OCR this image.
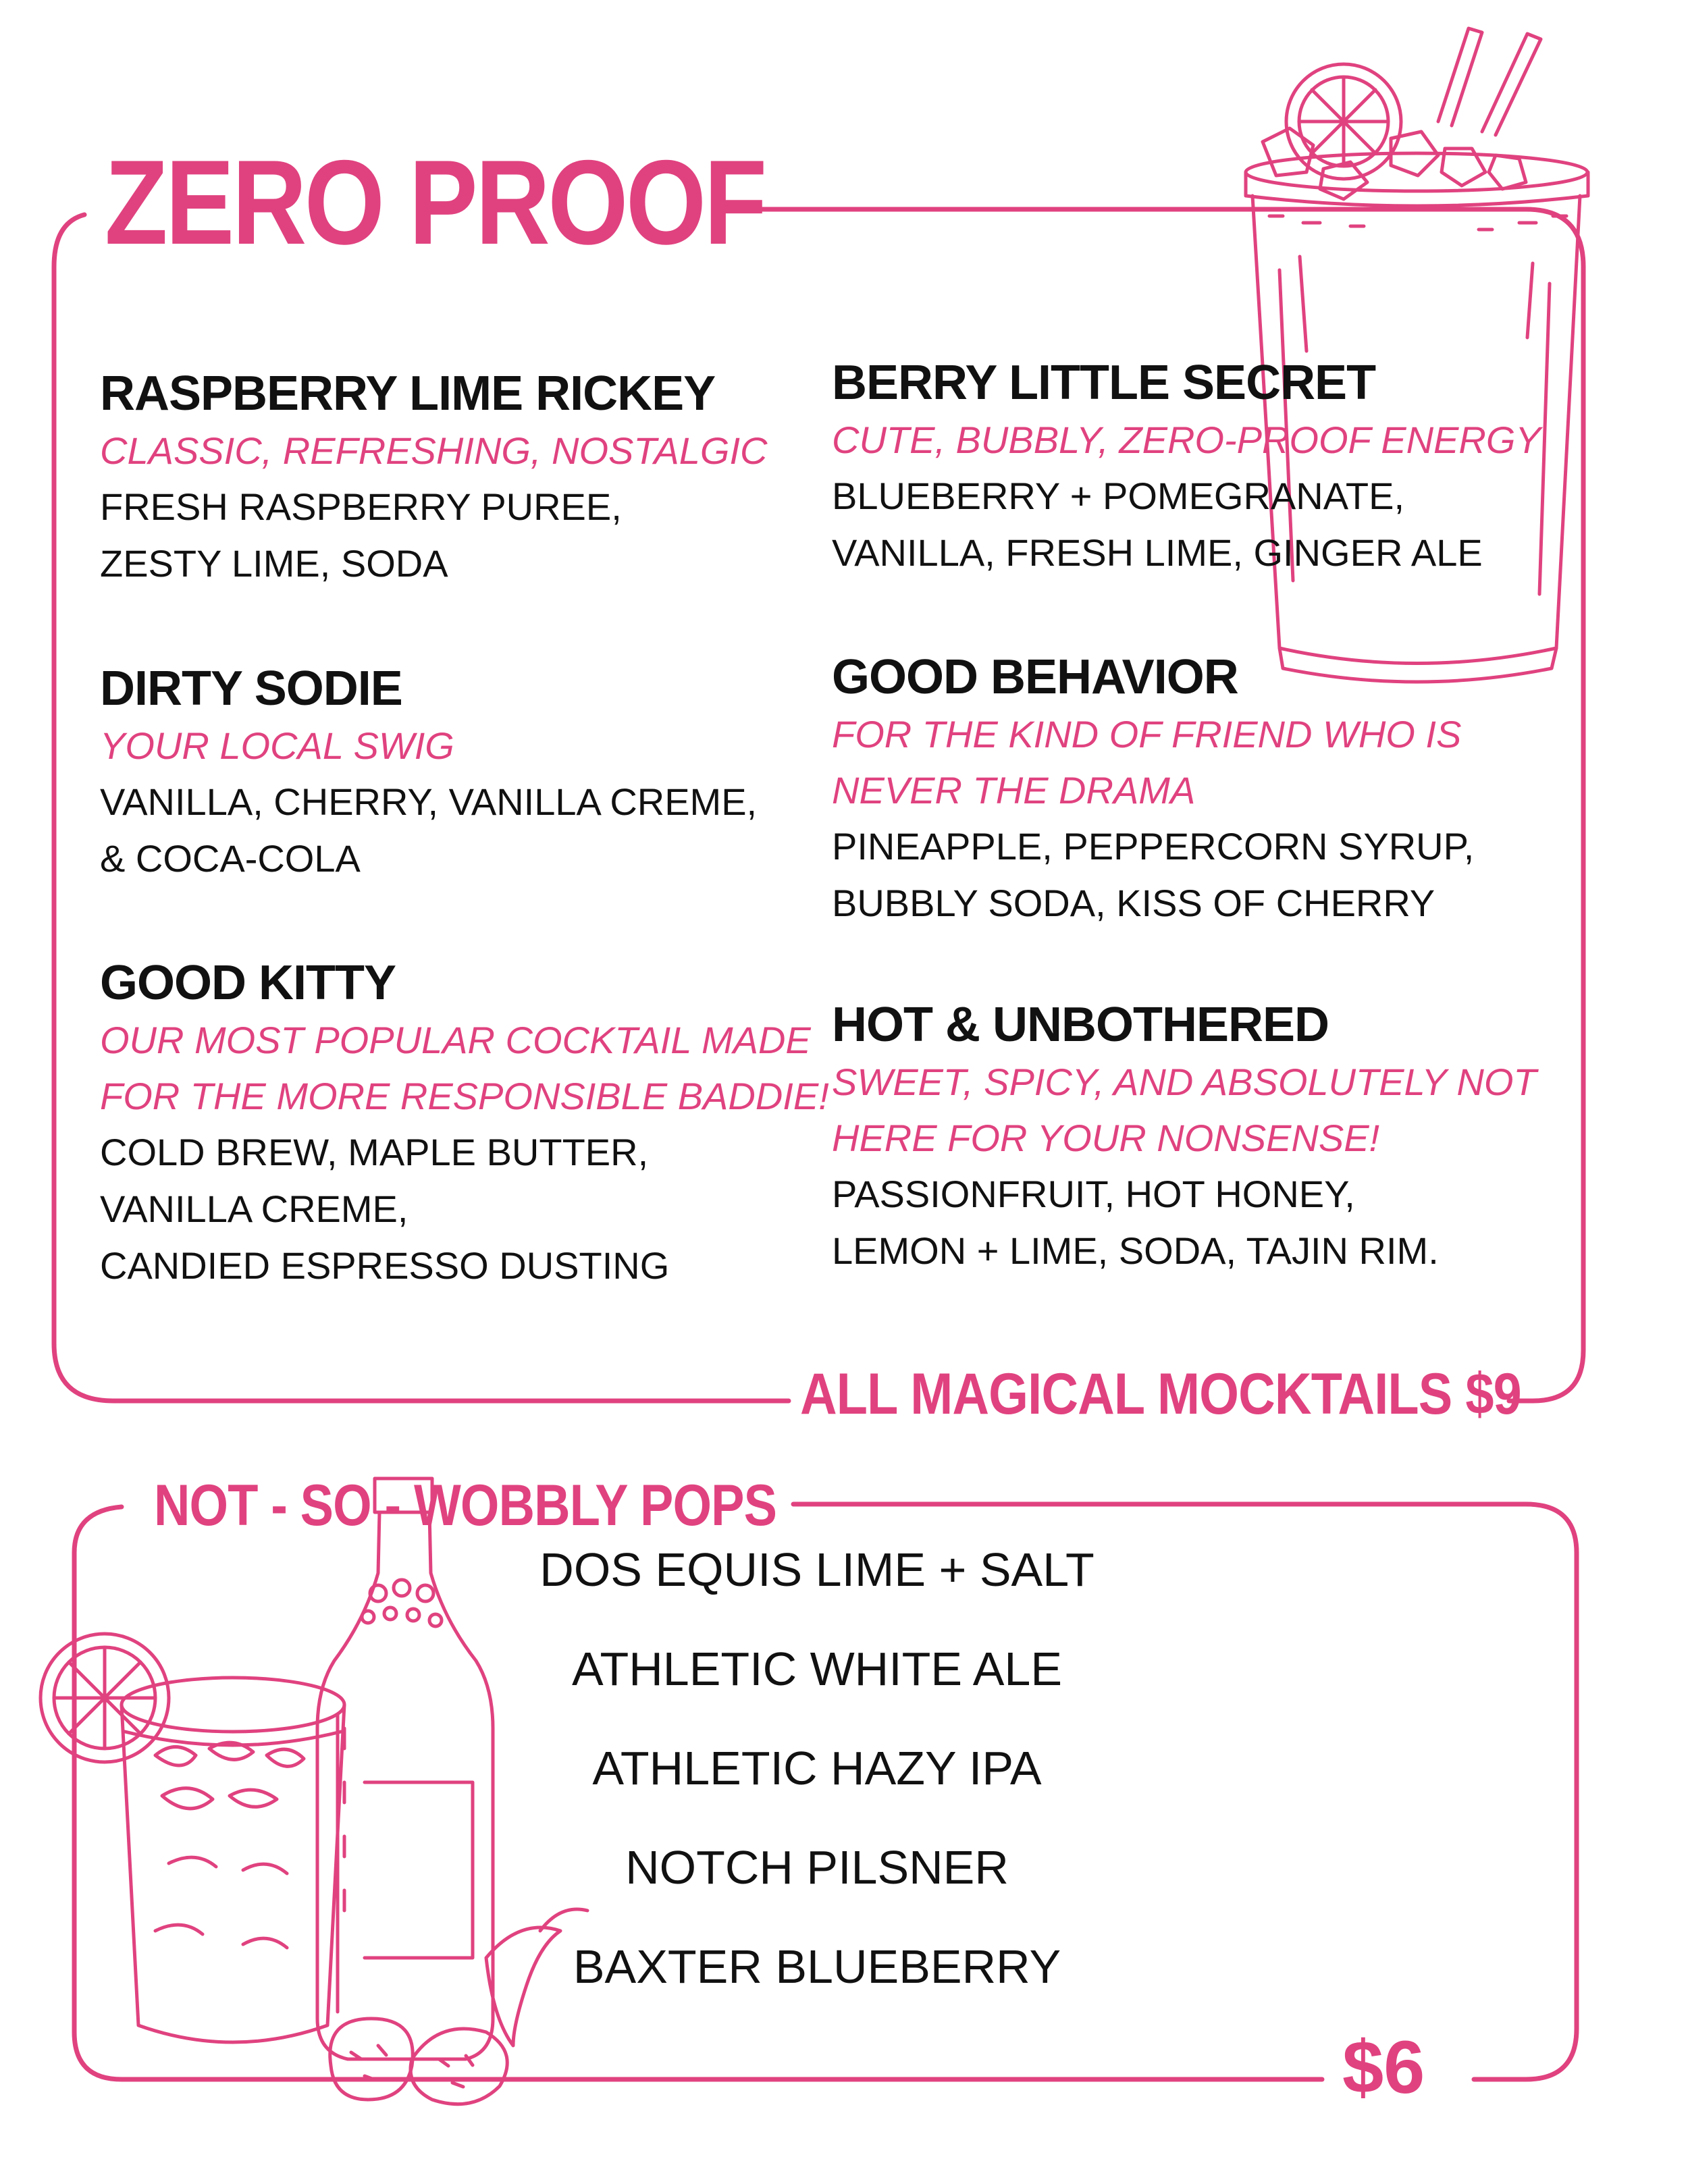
ZERO PROOF

RASPBERRY LIME RICKEY

CLASSIC, REFRESHING, NOSTALGIC

FRESH RASPBERRY PUREE,

ZESTY LIME, SODA

DIRTY SODIE

YOUR LOCAL SWIG

VANILLA, CHERRY, VANILLA CREME,

& COCA-COLA

GOOD KITTY

OUR MOST POPULAR COCKTAIL MADE

FOR THE MORE RESPONSIBLE BADDIE!

COLD BREW, MAPLE BUTTER,

VANILLA CREME,

CANDIED ESPRESSO DUSTING

BERRY LITTLE SECRET

CUTE, BUBBLY, ZERO-PROOF ENERGY

BLUEBERRY + POMEGRANATE,

VANILLA, FRESH LIME, GINGER ALE

GOOD BEHAVIOR

FOR THE KIND OF FRIEND WHO IS

NEVER THE DRAMA

PINEAPPLE, PEPPERCORN SYRUP,

BUBBLY SODA, KISS OF CHERRY

HOT & UNBOTHERED

SWEET, SPICY, AND ABSOLUTELY NOT

HERE FOR YOUR NONSENSE!

PASSIONFRUIT, HOT HONEY,

LEMON + LIME, SODA, TAJIN RIM.

ALL MAGICAL MOCKTAILS $9

NOT - SO - WOBBLY POPS

DOS EQUIS LIME + SALT
ATHLETIC WHITE ALE
ATHLETIC HAZY IPA
NOTCH PILSNER
BAXTER BLUEBERRY

$6
